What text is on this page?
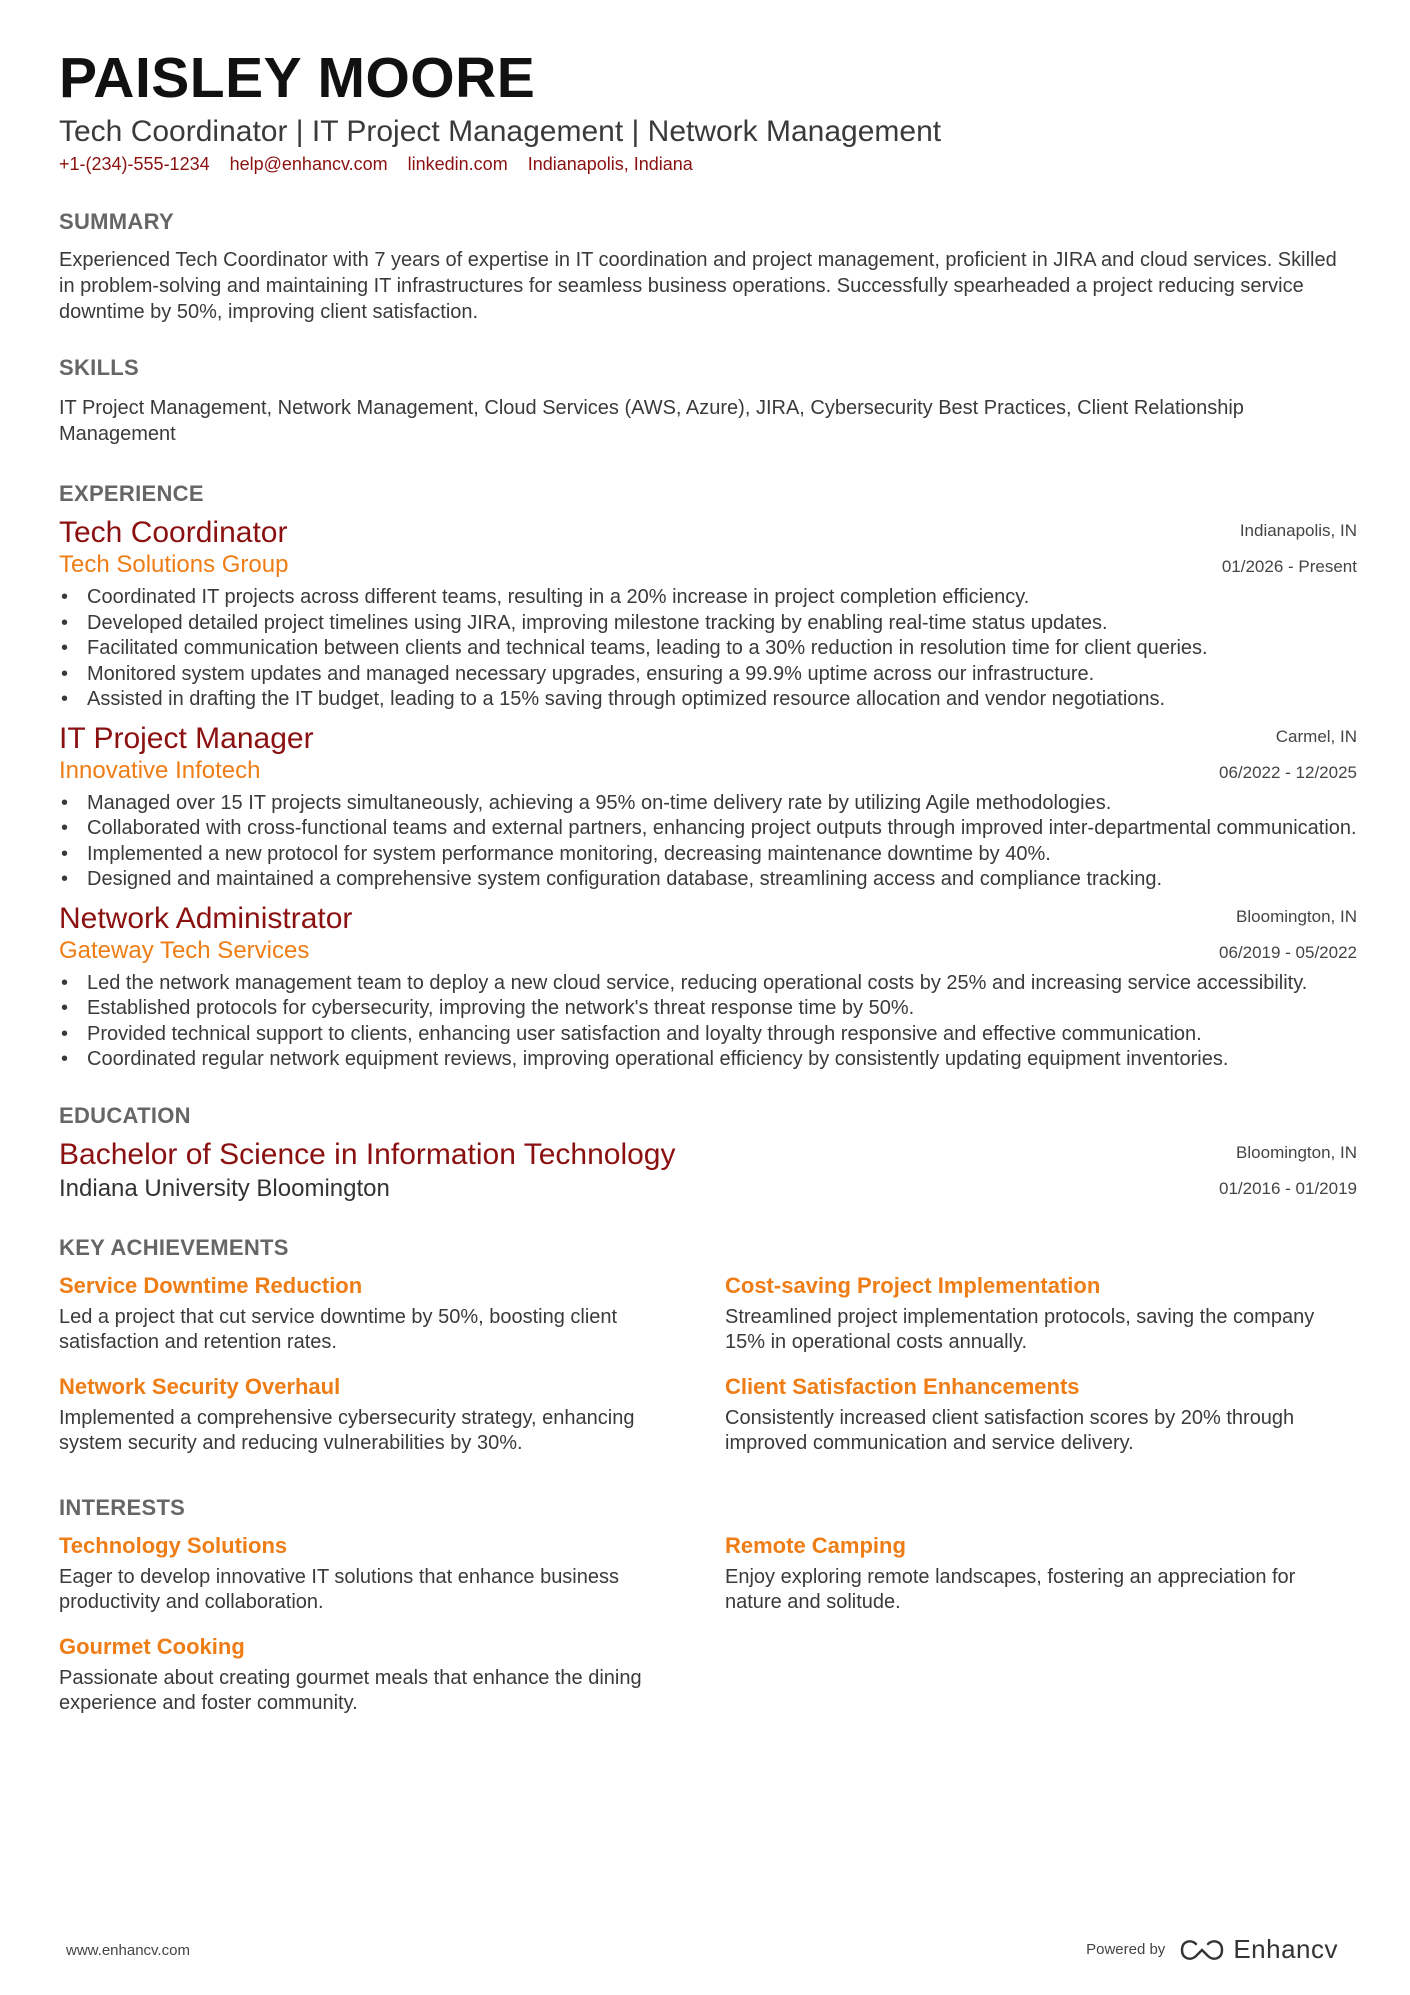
PAISLEY MOORE
Tech Coordinator | IT Project Management | Network Management
+1-(234)-555-1234 help@enhancv.com linkedin.com Indianapolis, Indiana
SUMMARY
Experienced Tech Coordinator with 7 years of expertise in IT coordination and project management, proficient in JIRA and cloud services. Skilled in problem-solving and maintaining IT infrastructures for seamless business operations. Successfully spearheaded a project reducing service downtime by 50%, improving client satisfaction.
SKILLS
IT Project Management, Network Management, Cloud Services (AWS, Azure), JIRA, Cybersecurity Best Practices, Client Relationship Management
EXPERIENCE
Indianapolis, IN
01/2026 - Present
Tech Coordinator
Tech Solutions Group
• Coordinated IT projects across different teams, resulting in a 20% increase in project completion efficiency.
• Developed detailed project timelines using JIRA, improving milestone tracking by enabling real-time status updates.
• Facilitated communication between clients and technical teams, leading to a 30% reduction in resolution time for client queries.
• Monitored system updates and managed necessary upgrades, ensuring a 99.9% uptime across our infrastructure.
• Assisted in drafting the IT budget, leading to a 15% saving through optimized resource allocation and vendor negotiations.
Carmel, IN
06/2022 - 12/2025
IT Project Manager
Innovative Infotech
• Managed over 15 IT projects simultaneously, achieving a 95% on-time delivery rate by utilizing Agile methodologies.
• Collaborated with cross-functional teams and external partners, enhancing project outputs through improved inter-departmental communication.
• Implemented a new protocol for system performance monitoring, decreasing maintenance downtime by 40%.
• Designed and maintained a comprehensive system configuration database, streamlining access and compliance tracking.
Bloomington, IN
06/2019 - 05/2022
Network Administrator
Gateway Tech Services
• Led the network management team to deploy a new cloud service, reducing operational costs by 25% and increasing service accessibility.
• Established protocols for cybersecurity, improving the network's threat response time by 50%.
• Provided technical support to clients, enhancing user satisfaction and loyalty through responsive and effective communication.
• Coordinated regular network equipment reviews, improving operational efficiency by consistently updating equipment inventories.
EDUCATION
Bloomington, IN
01/2016 - 01/2019
Bachelor of Science in Information Technology
Indiana University Bloomington
KEY ACHIEVEMENTS
Service Downtime Reduction
Led a project that cut service downtime by 50%, boosting client satisfaction and retention rates.
Cost-saving Project Implementation
Streamlined project implementation protocols, saving the company 15% in operational costs annually.
Network Security Overhaul
Implemented a comprehensive cybersecurity strategy, enhancing system security and reducing vulnerabilities by 30%.
Client Satisfaction Enhancements
Consistently increased client satisfaction scores by 20% through improved communication and service delivery.
INTERESTS
Technology Solutions
Eager to develop innovative IT solutions that enhance business productivity and collaboration.
Remote Camping
Enjoy exploring remote landscapes, fostering an appreciation for nature and solitude.
Gourmet Cooking
Passionate about creating gourmet meals that enhance the dining experience and foster community.
www.enhancv.com	Powered by	Enhancv
